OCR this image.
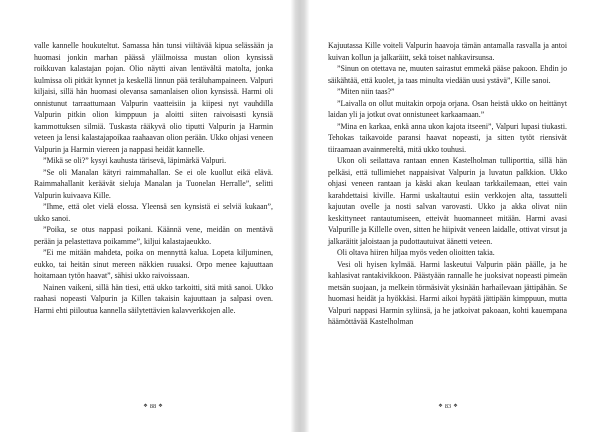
valle kannelle houkuteltut. Samassa hän tunsi viiltävää kipua selässään ja huomasi jonkin marhan päässä yläilmoissa mustan olion kynsissä roikkuvan kalastajan pojan. Olio näytti aivan lentävältä matolta, jonka kulmissa oli pitkät kynnet ja keskellä linnun pää teräluhampaineen. Valpuri kiljaisi, sillä hän huomasi olevansa samanlaisen olion kynsissä. Harmi oli onnistunut tarraattumaan Valpurin vaatteisiin ja kiipesi nyt vauhdilla Valpurin pitkin olion kimppuun ja aloitti siiten raivoisasti kynsiä kammottuksen silmiä. Tuskasta rääkyvä olio tiputti Valpurin ja Harmin veteen ja lensi kalastajapoikaa raahaavan olion perään. Ukko ohjasi veneen Valpurin ja Harmin viereen ja nappasi heidät kannelle.

”Mikä se oli?” kysyi kauhusta tärisevä, läpimärkä Valpuri.

”Se oli Manalan kätyri raimmahallan. Se ei ole kuollut eikä elävä. Raimmahallanit keräävät sieluja Manalan ja Tuonelan Herralle”, selitti Valpurin kuivaava Kille.

”Ihme, että olet vielä elossa. Yleensä sen kynsistä ei selviä kukaan”, ukko sanoi.

”Poika, se otus nappasi poikani. Käännä vene, meidän on mentävä perään ja pelastettava poikamme”, kiljui kalastajaeukko.

”Ei me mitään mahdeta, poika on mennyttä kalua. Lopeta kiljuminen, eukko, tai heitän sinut mereen näkkien ruuaksi. Orpo menee kajuuttaan hoitamaan tytön haavat”, sähisi ukko raivoissaan.

Nainen vaikeni, sillä hän tiesi, että ukko tarkoitti, sitä mitä sanoi. Ukko raahasi nopeasti Valpurin ja Killen takaisin kajuuttaan ja salpasi oven. Harmi ehti piiloutua kannella säilytettävien kalavverkkojen alle.

Kajuutassa Kille voiteli Valpurin haavoja tämän antamalla rasvalla ja antoi kuivan kollun ja jalkaräitt, sekä toiset nahkavirsunsa.

”Sinun on otettava ne, muuten sairastut emmekä pääse pakoon. Ehdin jo säikähtää, että kuolet, ja taas minulta viedään uusi ystävä”, Kille sanoi.

”Miten niin taas?”

”Laivalla on ollut muitakin orpoja orjana. Osan heistä ukko on heittänyt laidan yli ja jotkut ovat onnistuneet karkaamaan.”

”Mina en karkaa, enkä anna ukon kajota itseeni”, Valpuri lupasi tiukasti. Tehokas taikavoide paransi haavat nopeasti, ja sitten tytöt riensivät tiiraamaan avainmereltä, mitä ukko touhusi.

Ukon oli seilattava rantaan ennen Kastelholman tulliporttia, sillä hän pelkäsi, että tullimiehet nappaisivat Valpurin ja luvatun palkkion. Ukko ohjasi veneen rantaan ja käski akan keulaan tarkkailemaan, ettei vain karahdettaisi kiville. Harmi uskaltautui esiin verkkojen alta, tassutteli kajuutan ovelle ja nosti salvan varovasti. Ukko ja akka olivat niin keskittyneet rantautumiseen, etteivät huomanneet mitään. Harmi avasi Valpurille ja Killelle oven, sitten he hiipivät veneen laidalle, ottivat virsut ja jalkaräitit jaloistaan ja pudottautuivat äänetti veteen.

Oli oltava hiiren hiljaa myös veden olioitten takia.

Vesi oli hyisen kylmää. Harmi laskeutui Valpurin pään päälle, ja he kahlasivat rantakivikkoon. Päästyään rannalle he juoksivat nopeasti pimeän metsän suojaan, ja melkein törmäsivät yksinään harhailevaan jättipähän. Se huomasi heidät ja hyökkäsi. Harmi aikoi hypätä jättipään kimppuun, mutta Valpuri nappasi Harmin syliinsä, ja he jatkoivat pakoaan, kohti kauempana häämöttävää Kastelholman

❖ 88 ❖	❖ 83 ❖
